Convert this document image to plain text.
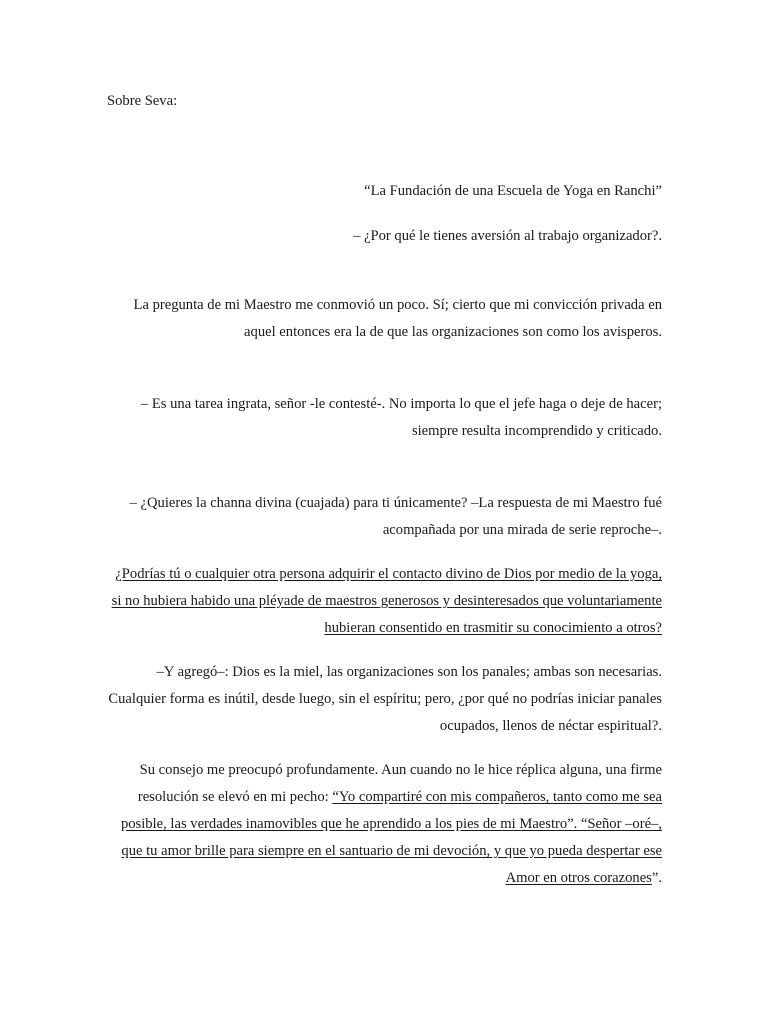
Sobre Seva:

“La Fundación de una Escuela de Yoga en Ranchi”

– ¿Por qué le tienes aversión al trabajo organizador?.

La pregunta de mi Maestro me conmovió un poco. Sí; cierto que mi convicción privada en aquel entonces era la de que las organizaciones son como los avisperos.

– Es una tarea ingrata, señor -le contesté-. No importa lo que el jefe haga o deje de hacer; siempre resulta incomprendido y criticado.

– ¿Quieres la channa divina (cuajada) para ti únicamente? –La respuesta de mi Maestro fué acompañada por una mirada de serie reproche–.

¿Podrías tú o cualquier otra persona adquirir el contacto divino de Dios por medio de la yoga, si no hubiera habido una pléyade de maestros generosos y desinteresados que voluntariamente hubieran consentido en trasmitir su conocimiento a otros?

–Y agregó–: Dios es la miel, las organizaciones son los panales; ambas son necesarias. Cualquier forma es inútil, desde luego, sin el espíritu; pero, ¿por qué no podrías iniciar panales ocupados, llenos de néctar espiritual?.

Su consejo me preocupó profundamente. Aun cuando no le hice réplica alguna, una firme resolución se elevó en mi pecho: “Yo compartiré con mis compañeros, tanto como me sea posible, las verdades inamovibles que he aprendido a los pies de mi Maestro”. “Señor –oré–, que tu amor brille para siempre en el santuario de mi devoción, y que yo pueda despertar ese Amor en otros corazones”.
